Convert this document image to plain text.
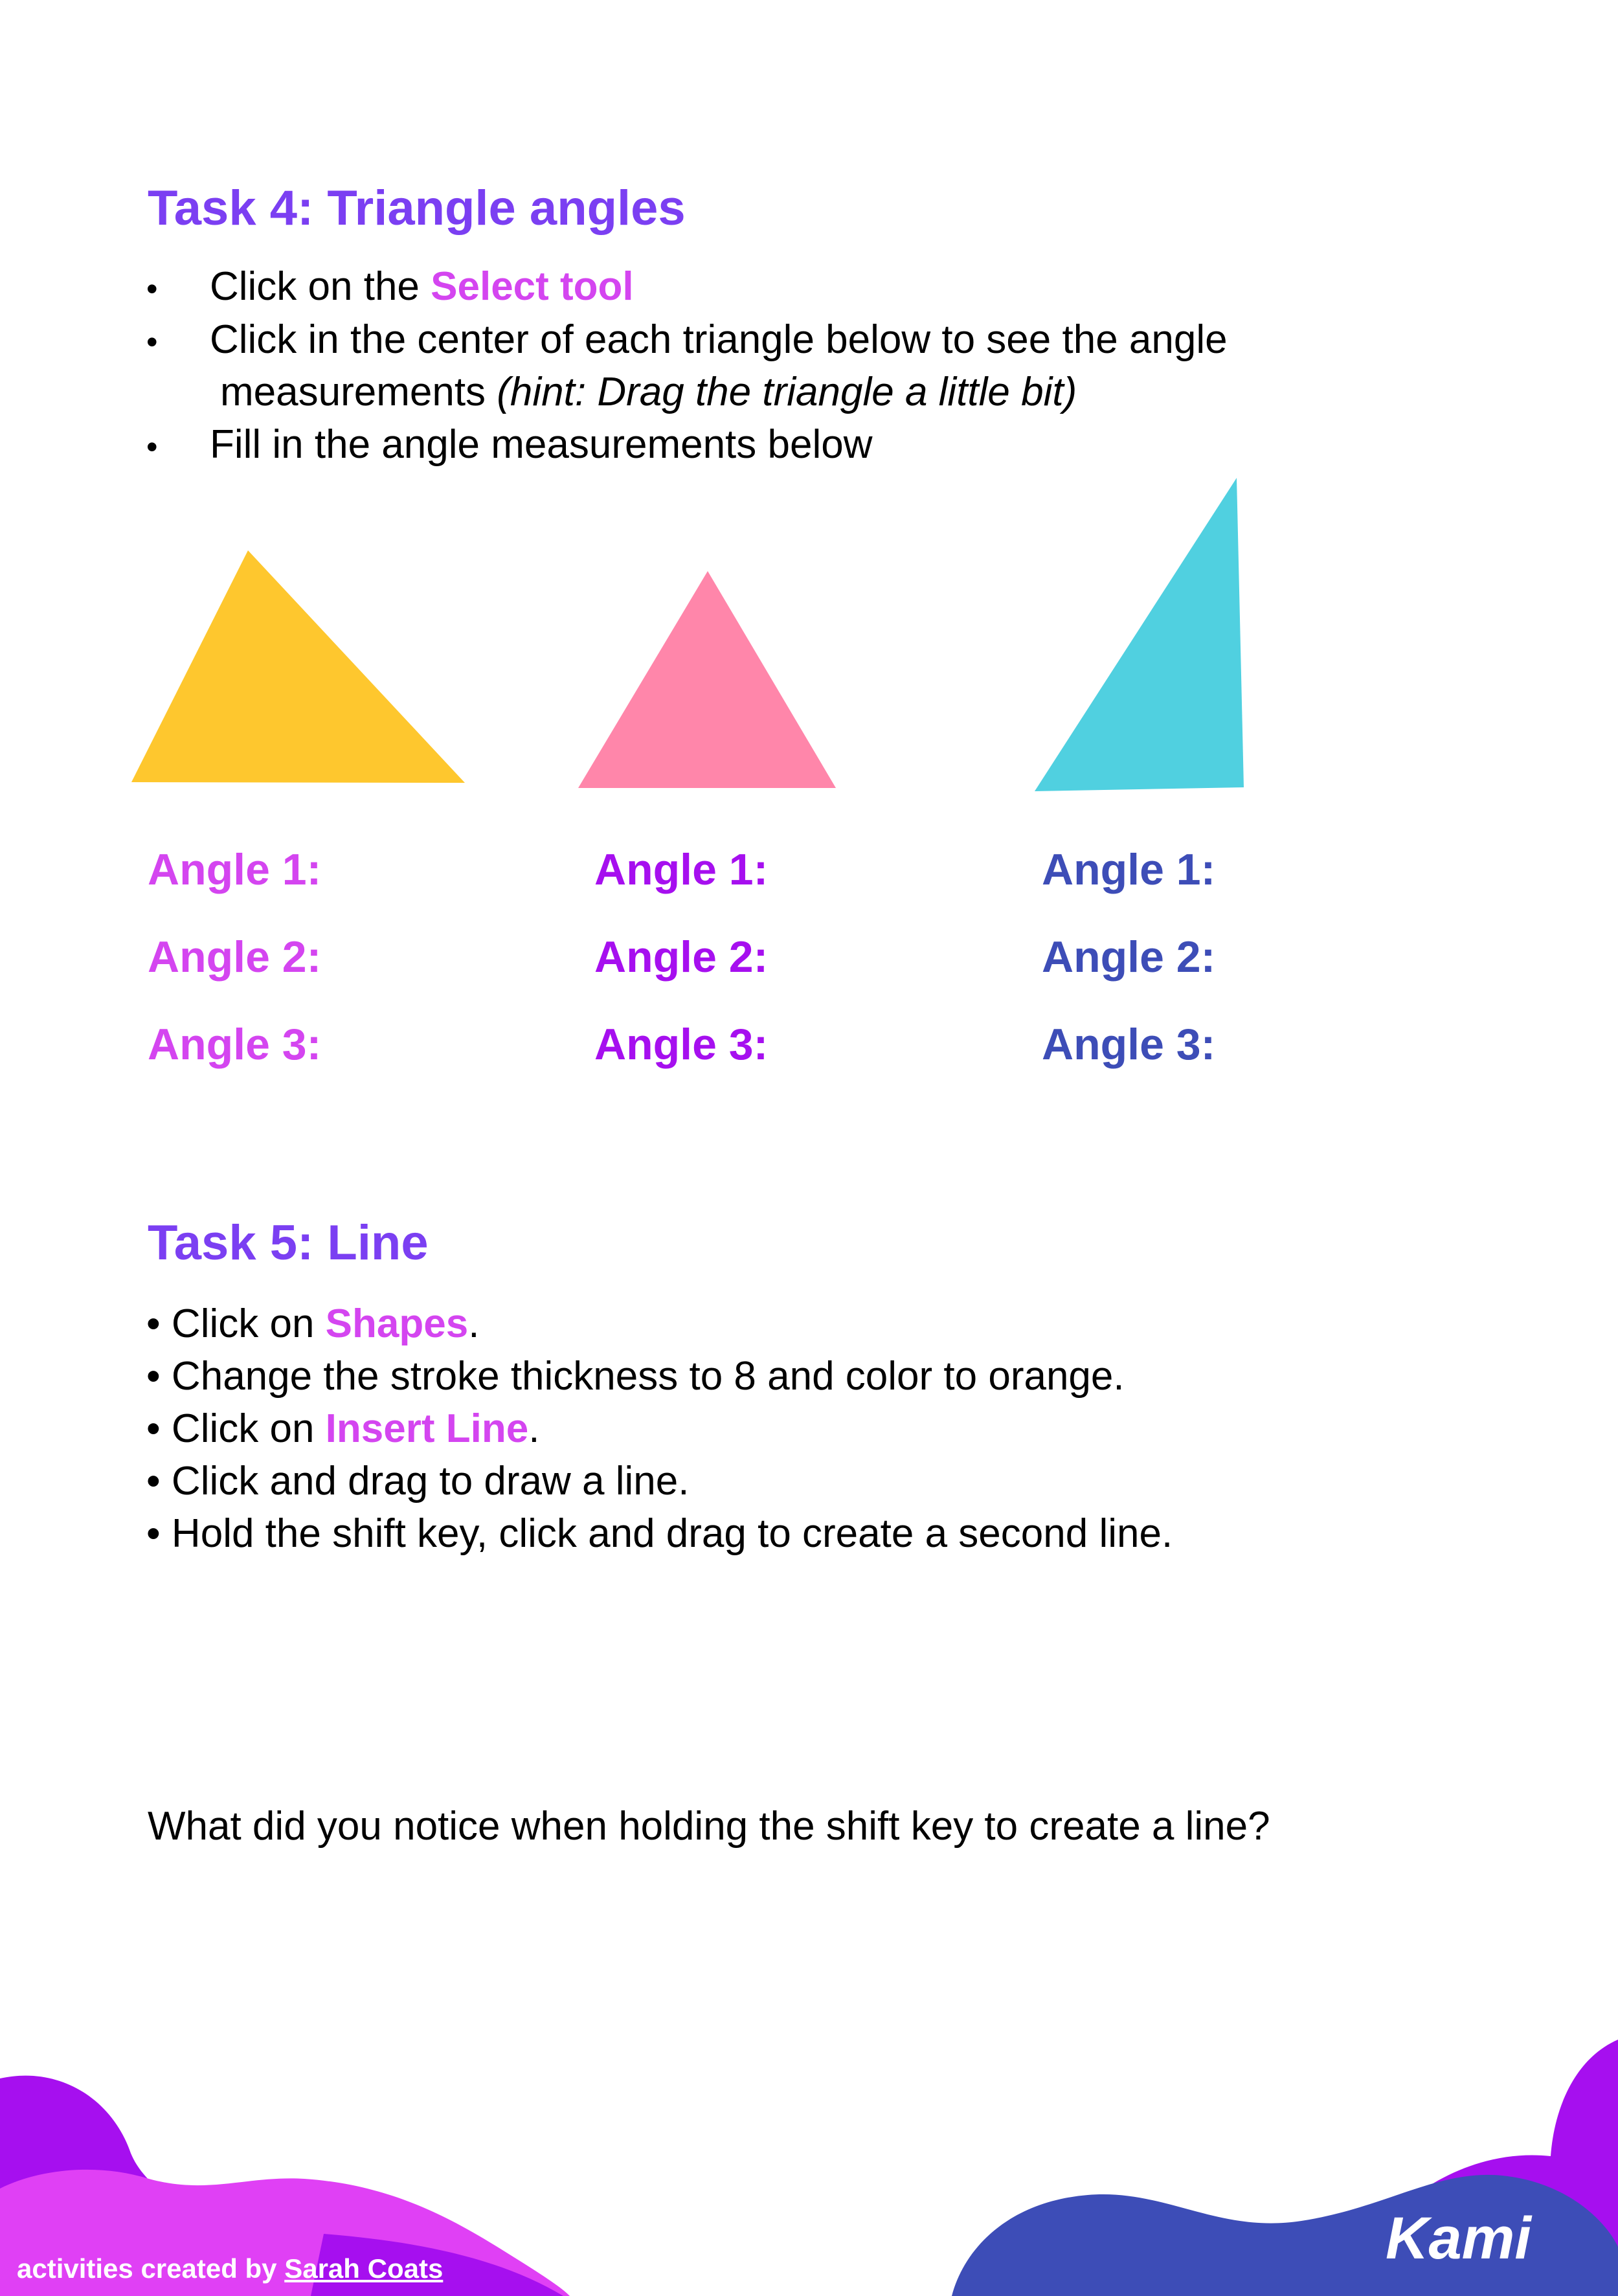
Task 4: Triangle angles
• Click on the Select tool
• Click in the center of each triangle below to see the angle
measurements (hint: Drag the triangle a little bit)
• Fill in the angle measurements below
Angle 1:
Angle 2:
Angle 3:
Angle 1:
Angle 2:
Angle 3:
Angle 1:
Angle 2:
Angle 3:
Task 5: Line
• Click on Shapes.
• Change the stroke thickness to 8 and color to orange.
• Click on Insert Line.
• Click and drag to draw a line.
• Hold the shift key, click and drag to create a second line.
What did you notice when holding the shift key to create a line?
activities created by Sarah Coats	Kami
